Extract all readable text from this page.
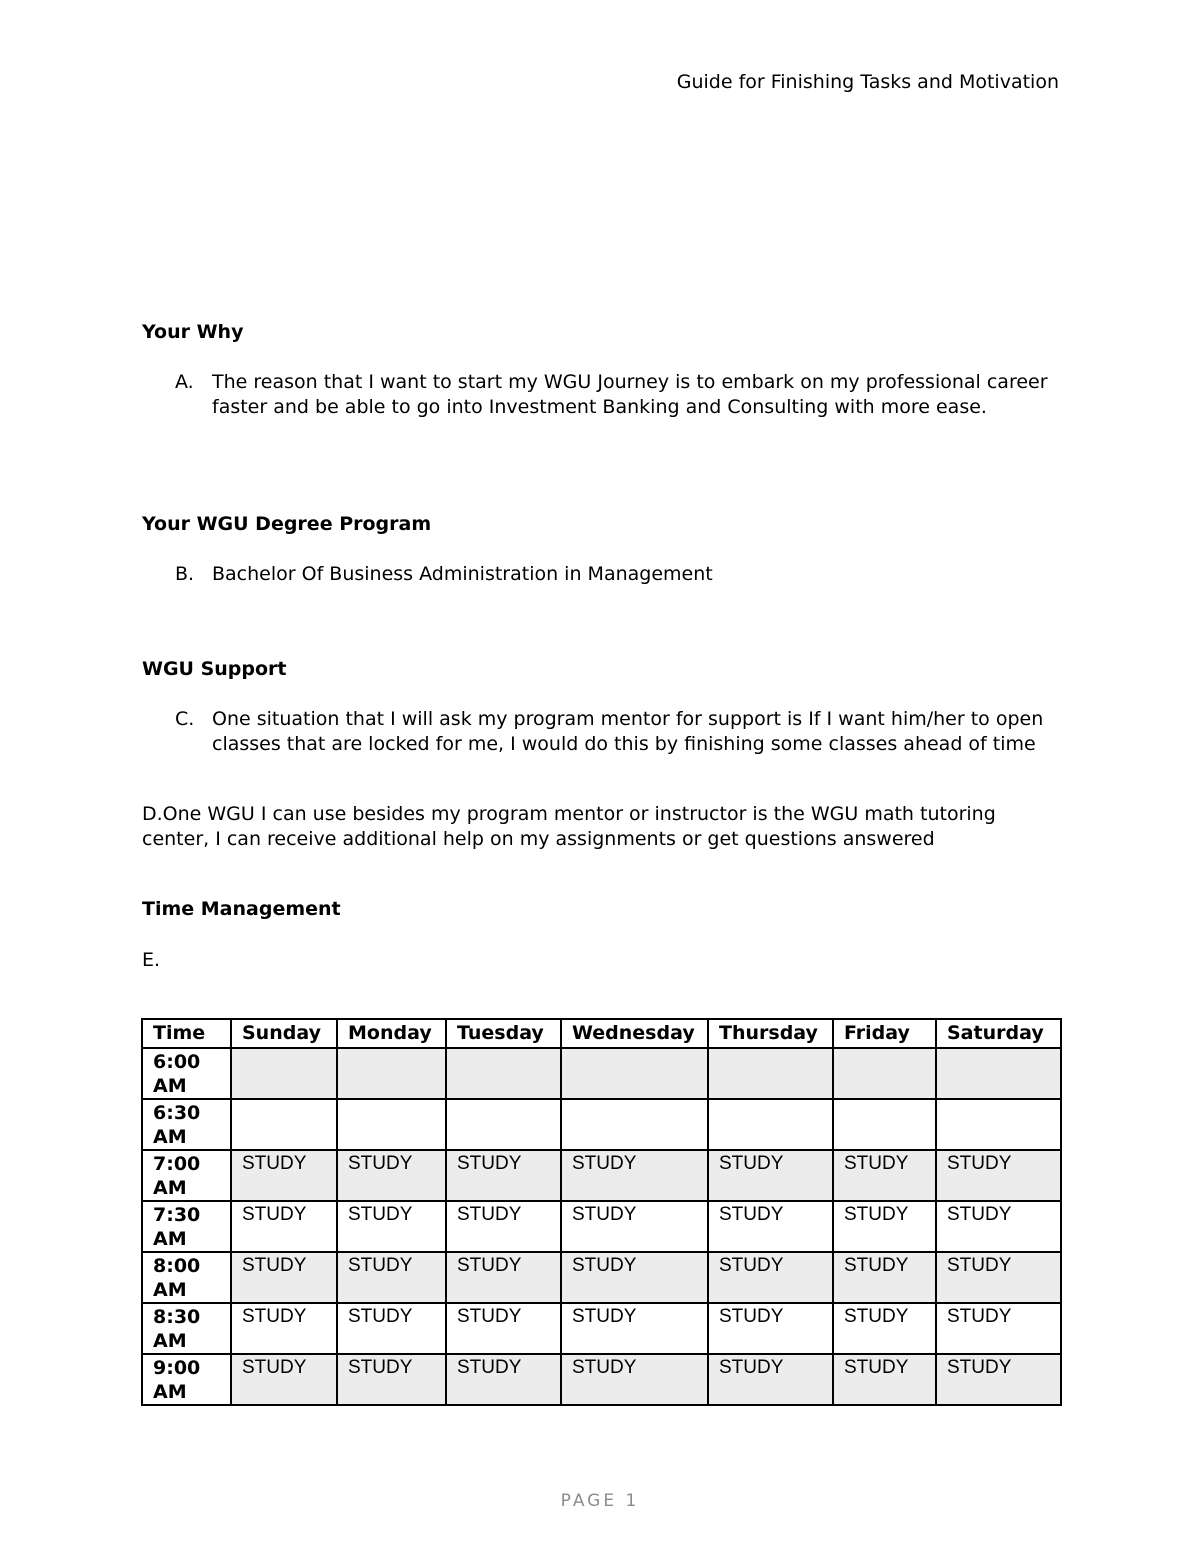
Guide for Finishing Tasks and Motivation
Your Why
A. The reason that I want to start my WGU Journey is to embark on my professional career faster and be able to go into Investment Banking and Consulting with more ease.
Your WGU Degree Program
B. Bachelor Of Business Administration in Management
WGU Support
C. One situation that I will ask my program mentor for support is If I want him/her to open classes that are locked for me, I would do this by finishing some classes ahead of time
D.One WGU I can use besides my program mentor or instructor is the WGU math tutoring center, I can receive additional help on my assignments or get questions answered
Time Management
E.
Time	Sunday	Monday	Tuesday	Wednesday	Thursday	Friday	Saturday
6:00 AM							
6:30 AM							
7:00 AM	STUDY	STUDY	STUDY	STUDY	STUDY	STUDY	STUDY
7:30 AM	STUDY	STUDY	STUDY	STUDY	STUDY	STUDY	STUDY
8:00 AM	STUDY	STUDY	STUDY	STUDY	STUDY	STUDY	STUDY
8:30 AM	STUDY	STUDY	STUDY	STUDY	STUDY	STUDY	STUDY
9:00 AM	STUDY	STUDY	STUDY	STUDY	STUDY	STUDY	STUDY
PAGE 1
